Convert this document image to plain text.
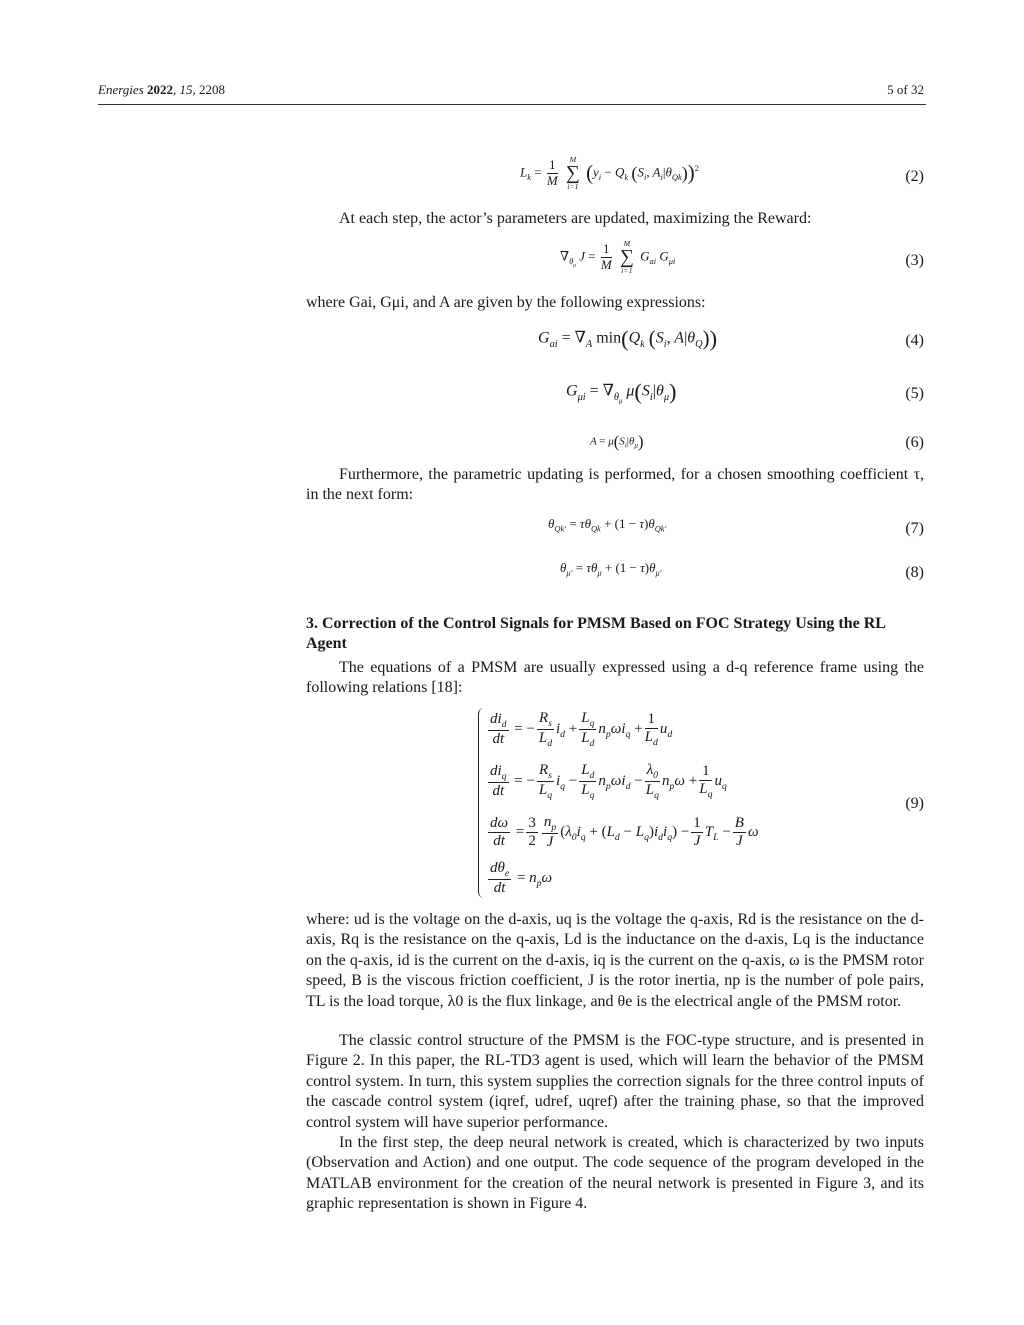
Energies 2022, 15, 2208	5 of 32
$L_k = \frac{1}{M}$
	M
∑
i=1
($y_i - Q_k$ ($S_i$, $A_i|\theta_{Qk}))^2$	(2)

At each step, the actor’s parameters are updated, maximizing the Reward:

$\nabla_{\theta_\mu}$ $J = \frac{1}{M}$
	M
∑
i=1
$G_{ai}$ $G_{\mu i}$	(3)

where Gai, Gμi, and A are given by the following expressions:

$G_{ai} = \nabla_A$ $\min(Q_k$ ($S_i$, $A|\theta_Q$))	(4)
$G_{\mu i} = \nabla_{\theta_\mu}$ $\mu(S_i|\theta_\mu)$	(5)
$A = \mu(S_i|\theta_\mu)$	(6)

Furthermore, the parametric updating is performed, for a chosen smoothing coefficient τ, in the next form:

$\theta_{Qk'} = \tau\theta_{Qk} + (1 - \tau)\theta_{Qk'}$	(7)
$\theta_{\mu'} = \tau\theta_\mu + (1 - \tau)\theta_{\mu'}$	(8)
3. Correction of the Control Signals for PMSM Based on FOC Strategy Using the RL Agent

The equations of a PMSM are usually expressed using a d-q reference frame using the following relations [18]:

$\frac{di_d}{dt}$ = − $\frac{R_s}{L_d} i_d + \frac{L_q}{L_d} n_p\omega i_q + \frac{1}{L_d} u_d$
$\frac{di_q}{dt}$ = − $\frac{R_s}{L_q} i_q - \frac{L_d}{L_q} n_p\omega i_d - \frac{\lambda_0}{L_q} n_p\omega + \frac{1}{L_q} u_q$
$\frac{d\omega}{dt} = \frac{3}{2} \frac{n_p}{J} (\lambda_0i_q + (L_d - L_q)i_di_q) - \frac{1}{J} T_L - \frac{B}{J}$ ω
$\frac{d\theta_e}{dt} = n_p\omega$
(9)

where: ud is the voltage on the d-axis, uq is the voltage the q-axis, Rd is the resistance on the d-axis, Rq is the resistance on the q-axis, Ld is the inductance on the d-axis, Lq is the inductance on the q-axis, id is the current on the d-axis, iq is the current on the q-axis, ω is the PMSM rotor speed, B is the viscous friction coefficient, J is the rotor inertia, np is the number of pole pairs, TL is the load torque, λ0 is the flux linkage, and θe is the electrical angle of the PMSM rotor.

The classic control structure of the PMSM is the FOC-type structure, and is presented in Figure 2. In this paper, the RL-TD3 agent is used, which will learn the behavior of the PMSM control system. In turn, this system supplies the correction signals for the three control inputs of the cascade control system (iqref, udref, uqref) after the training phase, so that the improved control system will have superior performance.

In the first step, the deep neural network is created, which is characterized by two inputs (Observation and Action) and one output. The code sequence of the program developed in the MATLAB environment for the creation of the neural network is presented in Figure 3, and its graphic representation is shown in Figure 4.
